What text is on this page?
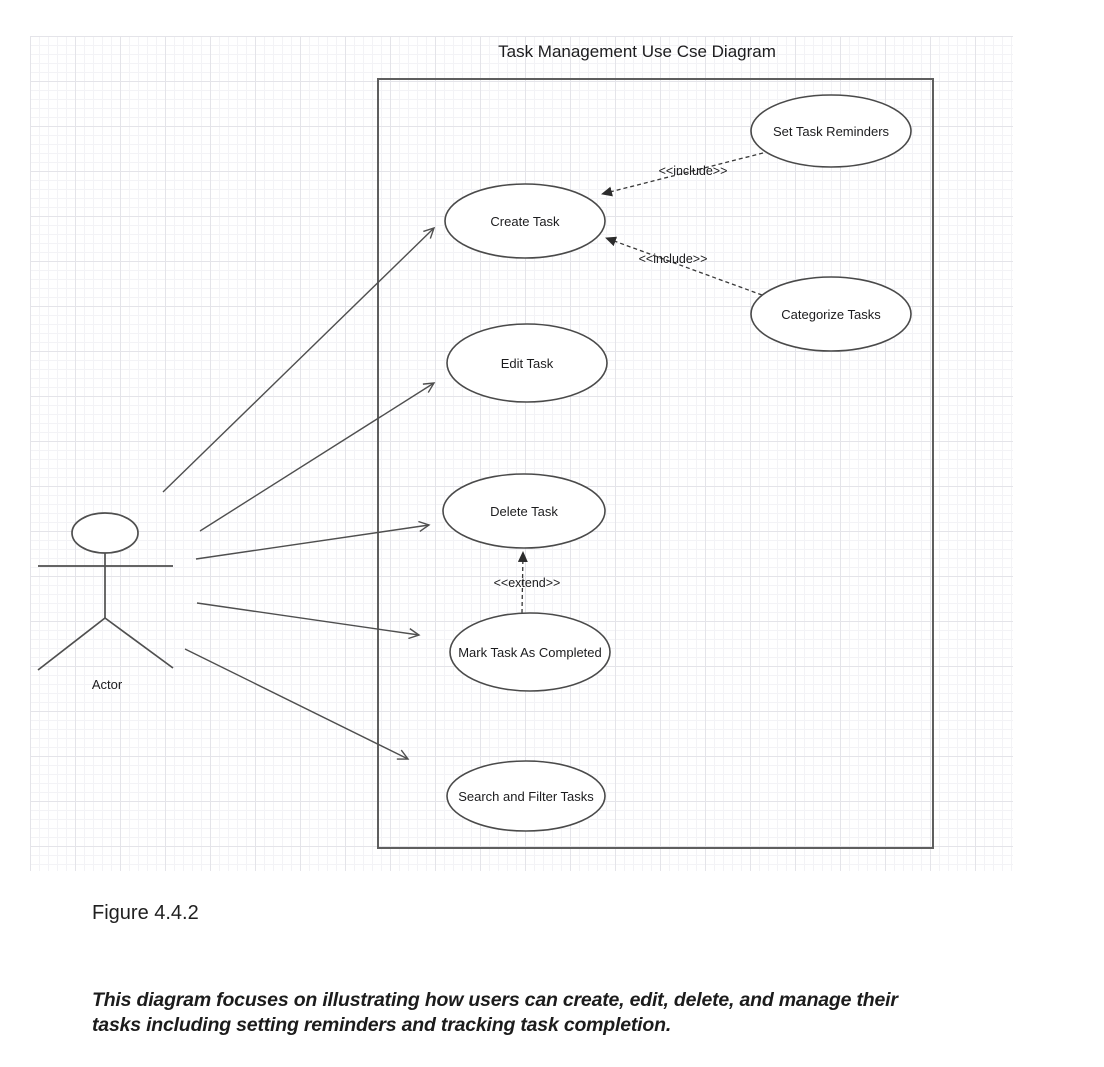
Task Management Use Cse Diagram
<<include>>
<<include>>
<<extend>>
Set Task Reminders
Create Task
Categorize Tasks
Edit Task
Delete Task
Mark Task As Completed
Search and Filter Tasks
Actor
Figure 4.4.2
This diagram focuses on illustrating how users can create, edit, delete, and manage their
tasks including setting reminders and tracking task completion.
